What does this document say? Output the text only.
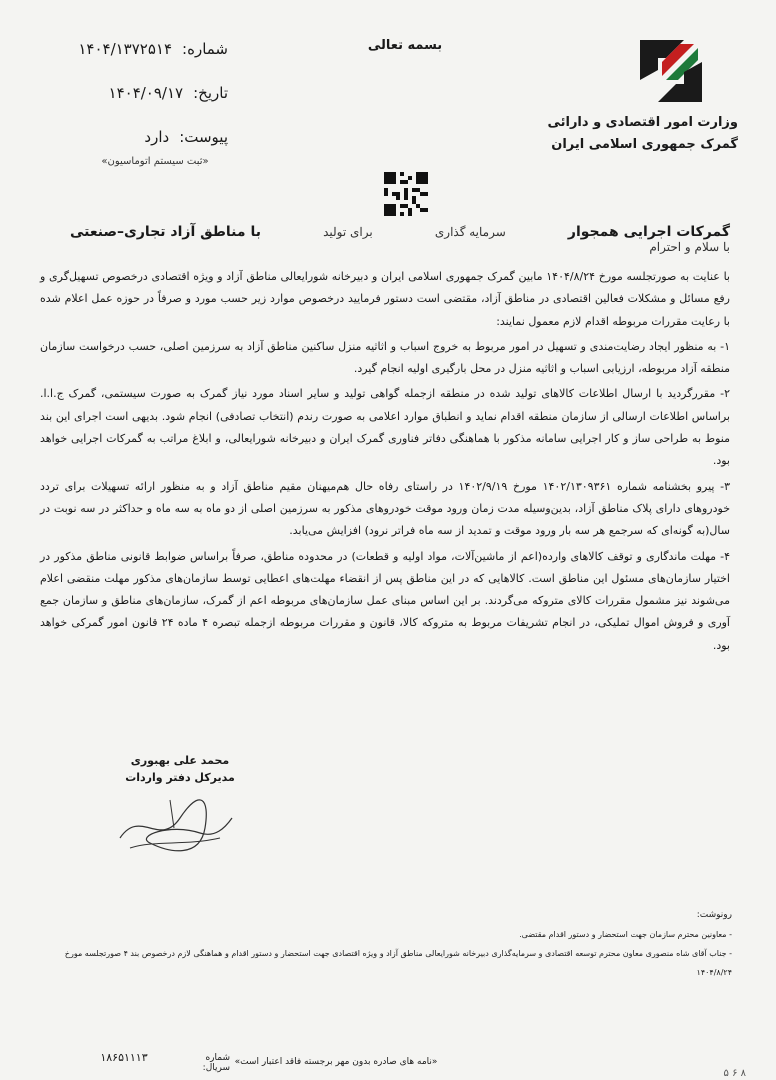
وزارت امور اقتصادی و دارائی
گمرک جمهوری اسلامی ایران
بسمه تعالی
شماره:
۱۴۰۴/۱۳۷۲۵۱۴
تاریخ:
۱۴۰۴/۰۹/۱۷
پیوست:
دارد
«ثبت سیستم اتوماسیون»
گمرکات اجرایی همجوار
سرمایه گذاری
برای تولید
با مناطق آزاد تجاری–صنعتی
با سلام و احترام

با عنایت به صورتجلسه مورخ ۱۴۰۴/۸/۲۴ مابین گمرک جمهوری اسلامی ایران و دبیرخانه شورایعالی مناطق آزاد و ویژه اقتصادی درخصوص تسهیل‌گری و رفع مسائل و مشکلات فعالین اقتصادی در مناطق آزاد، مقتضی است دستور فرمایید درخصوص موارد زیر حسب مورد و صرفاً در حوزه عمل اعلام شده با رعایت مقررات مربوطه اقدام لازم معمول نمایند:

۱- به منظور ایجاد رضایت‌مندی و تسهیل در امور مربوط به خروج اسباب و اثاثیه منزل ساکنین مناطق آزاد به سرزمین اصلی، حسب درخواست سازمان منطقه آزاد مربوطه، ارزیابی اسباب و اثاثیه منزل در محل بارگیری اولیه انجام گیرد.

۲- مقررگردید با ارسال اطلاعات کالاهای تولید شده در منطقه ازجمله گواهی تولید و سایر اسناد مورد نیاز گمرک به صورت سیستمی، گمرک ج.ا.ا. براساس اطلاعات ارسالی از سازمان منطقه اقدام نماید و انطباق موارد اعلامی به صورت رندم (انتخاب تصادفی) انجام شود. بدیهی است اجرای این بند منوط به طراحی ساز و کار اجرایی سامانه مذکور با هماهنگی دفاتر فناوری گمرک ایران و دبیرخانه شورایعالی، و ابلاغ مراتب به گمرکات اجرایی خواهد بود.

۳- پیرو بخشنامه شماره ۱۴۰۲/۱۳۰۹۳۶۱ مورخ ۱۴۰۲/۹/۱۹ در راستای رفاه حال هم‌میهنان مقیم مناطق آزاد و به منظور ارائه تسهیلات برای تردد خودروهای دارای پلاک مناطق آزاد، بدین‌وسیله مدت زمان ورود موقت خودروهای مذکور به سرزمین اصلی از دو ماه به سه ماه و حداکثر در سه نوبت در سال(به گونه‌ای که سرجمع هر سه بار ورود موقت و تمدید از سه ماه فراتر نرود) افزایش می‌یابد.

۴- مهلت ماندگاری و توقف کالاهای وارده(اعم از ماشین‌آلات، مواد اولیه و قطعات) در محدوده مناطق، صرفاً براساس ضوابط قانونی مناطق مذکور در اختیار سازمان‌های مسئول این مناطق است. کالاهایی که در این مناطق پس از انقضاء مهلت‌های اعطایی توسط سازمان‌های مذکور مهلت منقضی اعلام می‌شوند نیز مشمول مقررات کالای متروکه می‌گردند. بر این اساس مبنای عمل سازمان‌های مربوطه اعم از گمرک، سازمان‌های مناطق و سازمان جمع آوری و فروش اموال تملیکی، در انجام تشریفات مربوط به متروکه کالا، قانون و مقررات مربوطه ازجمله تبصره ۴ ماده ۲۴ قانون امور گمرکی خواهد بود.

محمد علی بهبوری
مدیرکل دفتر واردات
رونوشت:
- معاونین محترم سازمان جهت استحضار و دستور اقدام مقتضی.
- جناب آقای شاه منصوری معاون محترم توسعه اقتصادی و سرمایه‌گذاری دبیرخانه شورایعالی مناطق آزاد و ویژه اقتصادی جهت استحضار و دستور اقدام و هماهنگی لازم درخصوص بند ۴ صورتجلسه مورخ ۱۴۰۴/۸/۲۴
«نامه های صادره بدون مهر برجسته فاقد اعتبار است»
شماره سریال:
۱۸۶۵۱۱۱۳
۵ ۶ ۸
